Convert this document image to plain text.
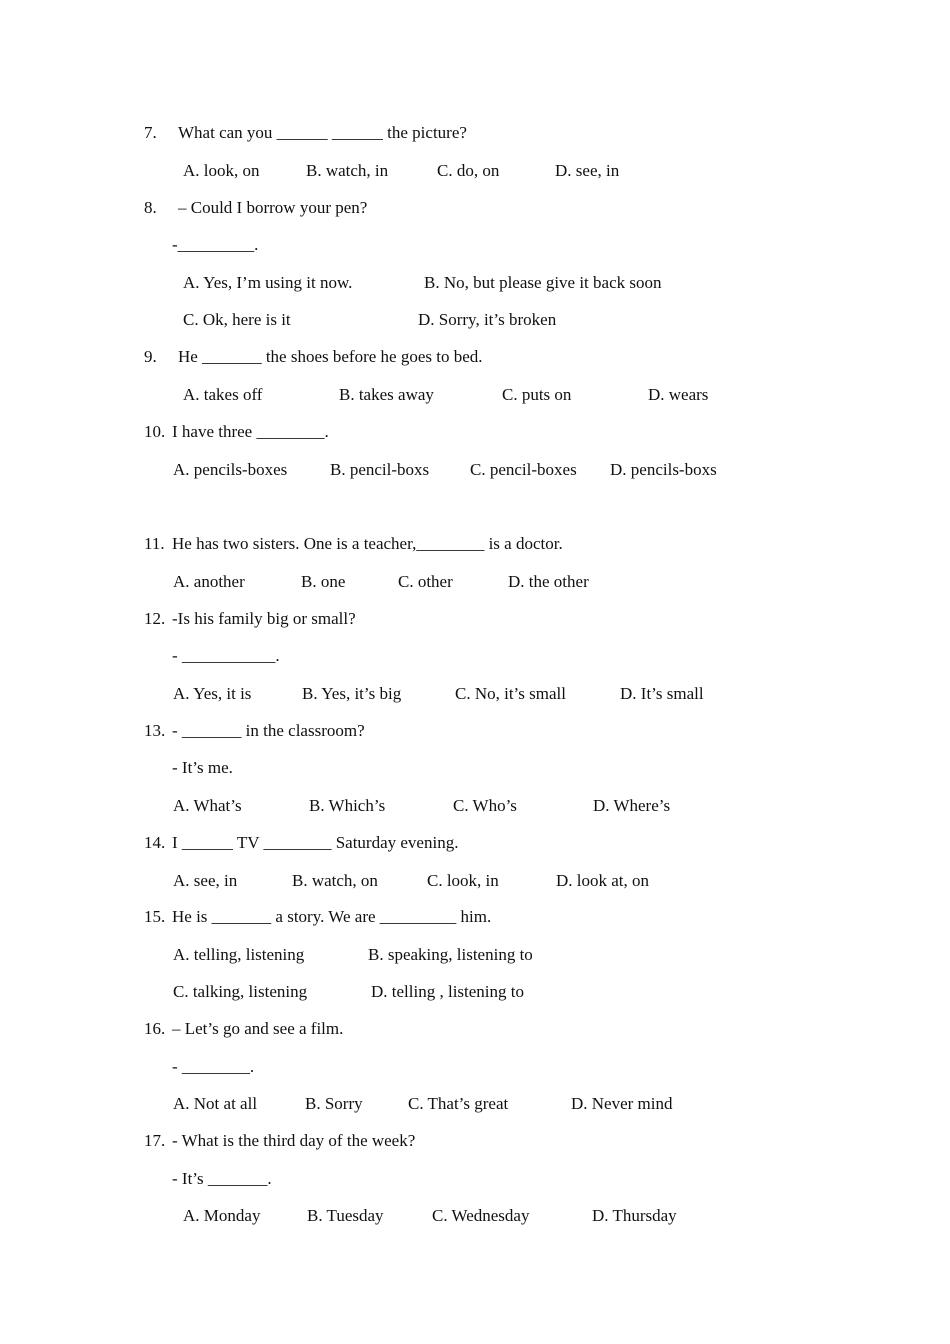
7. What can you ______ ______ the picture?
A. look, on	B. watch, in	C. do, on	D. see, in
8. – Could I borrow your pen?
-_________.
A. Yes, I’m using it now.	B. No, but please give it back soon
C. Ok, here is it	D. Sorry, it’s broken
9. He _______ the shoes before he goes to bed.
A. takes off	B. takes away	C. puts on	D. wears
10. I have three ________.
A. pencils-boxes	B. pencil-boxs C. pencil-boxes D. pencils-boxs
11. He has two sisters. One is a teacher,________ is a doctor.
A. another	B. one	C. other	D. the other
12. -Is his family big or small?
- ___________.
A. Yes, it is	B. Yes, it’s big	C. No, it’s small	D. It’s small
13. - _______ in the classroom?
- It’s me.
A. What’s	B. Which’s	C. Who’s	D. Where’s
14. I ______ TV ________ Saturday evening.
A. see, in	B. watch, on	C. look, in	D. look at, on
15. He is _______ a story. We are _________ him.
A. telling, listening	B. speaking, listening to
C. talking, listening	D. telling , listening to
16. – Let’s go and see a film.
- ________.
A. Not at all	B. Sorry	C. That’s great	D. Never mind
17. - What is the third day of the week?
- It’s _______.
A. Monday	B. Tuesday	C. Wednesday	D. Thursday
